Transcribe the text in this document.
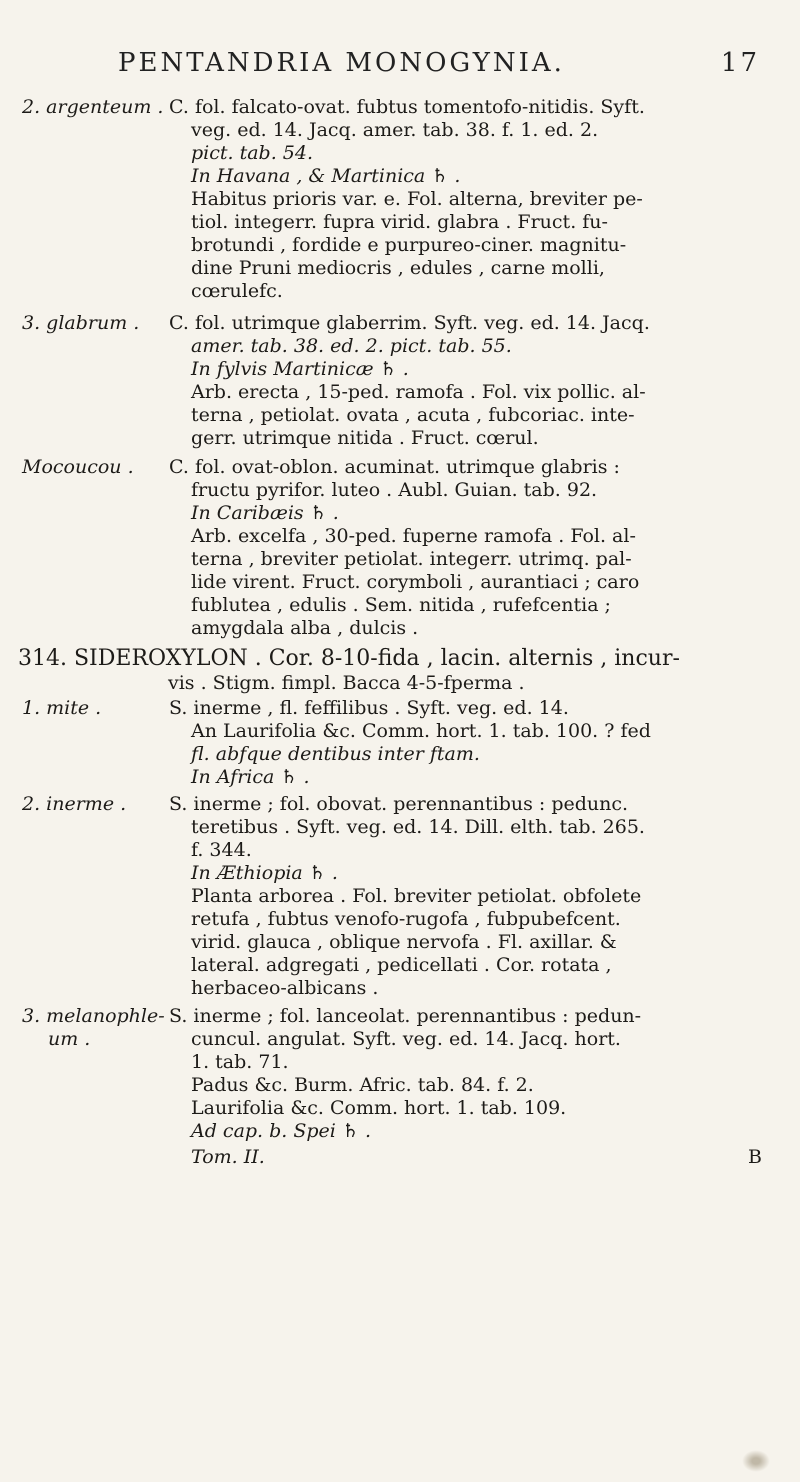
PENTANDRIA MONOGYNIA.	17
2. argenteum . C. fol. falcato-ovat. fubtus tomentofo-nitidis. Syft.
veg. ed. 14. Jacq. amer. tab. 38. f. 1. ed. 2.
pict. tab. 54.
In Havana , & Martinica ♄ .
Habitus prioris var. e. Fol. alterna, breviter pe-
tiol. integerr. fupra virid. glabra . Fruct. fu-
brotundi , fordide e purpureo-ciner. magnitu-
dine Pruni mediocris , edules , carne molli,
cœrulefc.
3. glabrum .	C. fol. utrimque glaberrim. Syft. veg. ed. 14. Jacq.
amer. tab. 38. ed. 2. pict. tab. 55.
In fylvis Martinicæ ♄ .
Arb. erecta , 15-ped. ramofa . Fol. vix pollic. al-
terna , petiolat. ovata , acuta , fubcoriac. inte-
gerr. utrimque nitida . Fruct. cœrul.
Mocoucou .	C. fol. ovat-oblon. acuminat. utrimque glabris :
fructu pyrifor. luteo . Aubl. Guian. tab. 92.
In Caribæis ♄ .
Arb. excelfa , 30-ped. fuperne ramofa . Fol. al-
terna , breviter petiolat. integerr. utrimq. pal-
lide virent. Fruct. corymboli , aurantiaci ; caro
fublutea , edulis . Sem. nitida , rufefcentia ;
amygdala alba , dulcis .
314. SIDEROXYLON . Cor. 8-10-fida , lacin. alternis , incur-
vis . Stigm. fimpl. Bacca 4-5-fperma .
1. mite .	S. inerme , fl. feffilibus . Syft. veg. ed. 14.
An Laurifolia &c. Comm. hort. 1. tab. 100. ? fed
fl. abfque dentibus inter ftam.
In Africa ♄ .
2. inerme .	S. inerme ; fol. obovat. perennantibus : pedunc.
teretibus . Syft. veg. ed. 14. Dill. elth. tab. 265.
f. 344.
In Æthiopia ♄ .
Planta arborea . Fol. breviter petiolat. obfolete
retufa , fubtus venofo-rugofa , fubpubefcent.
virid. glauca , oblique nervofa . Fl. axillar. &
lateral. adgregati , pedicellati . Cor. rotata ,
herbaceo-albicans .
3. melanophle-
um .
S. inerme ; fol. lanceolat. perennantibus : pedun-
cuncul. angulat. Syft. veg. ed. 14. Jacq. hort.
1. tab. 71.
Padus &c. Burm. Afric. tab. 84. f. 2.
Laurifolia &c. Comm. hort. 1. tab. 109.
Ad cap. b. Spei ♄ .
Tom. II.	B
